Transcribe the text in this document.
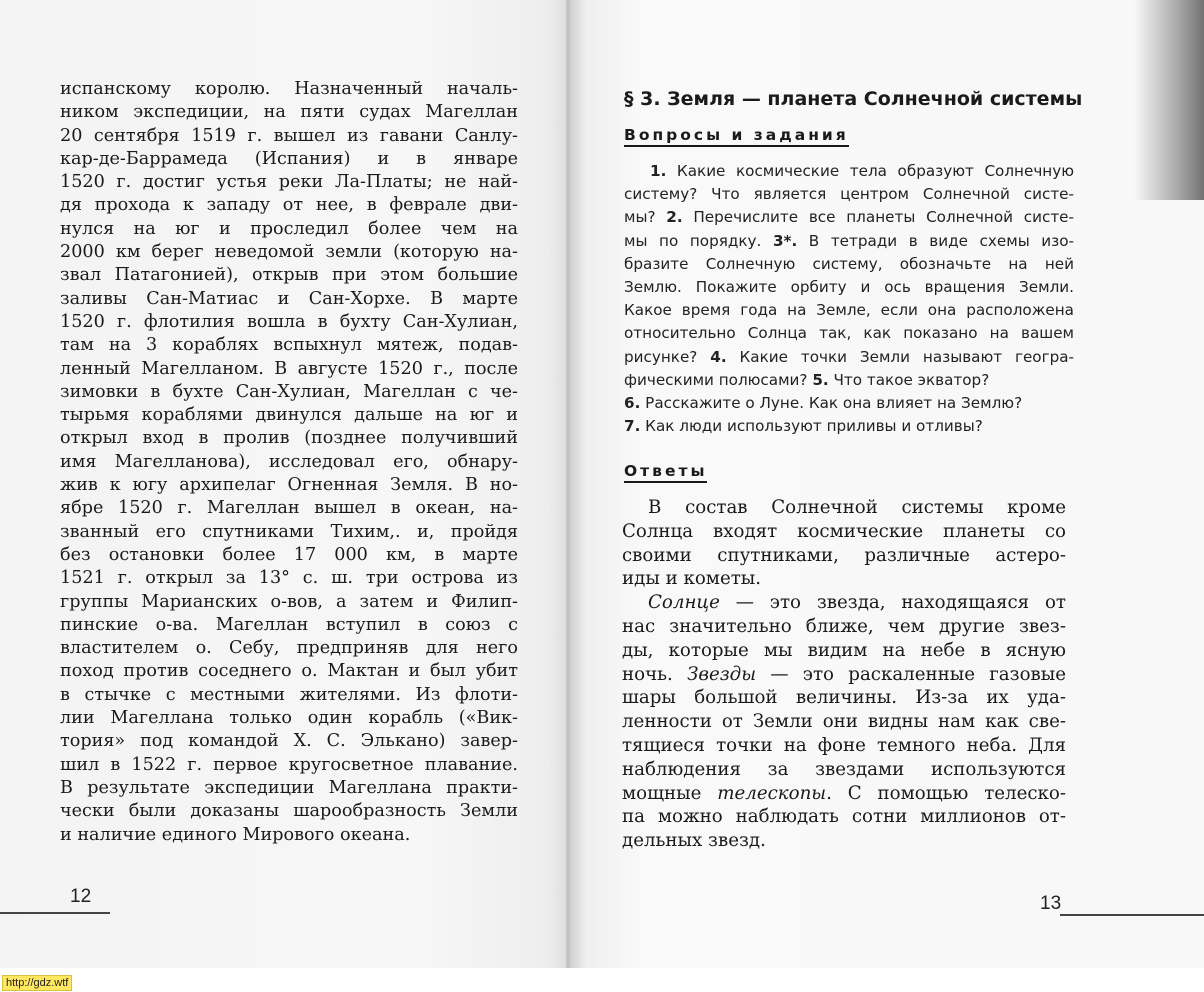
испанскому королю. Назначенный началь-
ником экспедиции, на пяти судах Магеллан
20 сентября 1519 г. вышел из гавани Санлу-
кар-де-Баррамеда (Испания) и в январе
1520 г. достиг устья реки Ла-Платы; не най-
дя прохода к западу от нее, в феврале дви-
нулся на юг и проследил более чем на
2000 км берег неведомой земли (которую на-
звал Патагонией), открыв при этом большие
заливы Сан-Матиас и Сан-Хорхе. В марте
1520 г. флотилия вошла в бухту Сан-Хулиан,
там на 3 кораблях вспыхнул мятеж, подав-
ленный Магелланом. В августе 1520 г., после
зимовки в бухте Сан-Хулиан, Магеллан с че-
тырьмя кораблями двинулся дальше на юг и
открыл вход в пролив (позднее получивший
имя Магелланова), исследовал его, обнару-
жив к югу архипелаг Огненная Земля. В но-
ябре 1520 г. Магеллан вышел в океан, на-
званный его спутниками Тихим,. и, пройдя
без остановки более 17 000 км, в марте
1521 г. открыл за 13° с. ш. три острова из
группы Марианских о-вов, а затем и Филип-
пинские о-ва. Магеллан вступил в союз с
властителем о. Себу, предприняв для него
поход против соседнего о. Мактан и был убит
в стычке с местными жителями. Из флоти-
лии Магеллана только один корабль («Вик-
тория» под командой Х. С. Элькано) завер-
шил в 1522 г. первое кругосветное плавание.
В результате экспедиции Магеллана практи-
чески были доказаны шарообразность Земли
и наличие единого Мирового океана.
12
§ 3. Земля — планета Солнечной системы
Вопросы и задания
1. Какие космические тела образуют Солнечную
систему? Что является центром Солнечной систе-
мы? 2. Перечислите все планеты Солнечной систе-
мы по порядку. 3*. В тетради в виде схемы изо-
бразите Солнечную систему, обозначьте на ней
Землю. Покажите орбиту и ось вращения Земли.
Какое время года на Земле, если она расположена
относительно Солнца так, как показано на вашем
рисунке? 4. Какие точки Земли называют геогра-
фическими полюсами? 5. Что такое экватор?
6. Расскажите о Луне. Как она влияет на Землю?
7. Как люди используют приливы и отливы?
Ответы
В состав Солнечной системы кроме
Солнца входят космические планеты со
своими спутниками, различные астеро-
иды и кометы.
Солнце — это звезда, находящаяся от
нас значительно ближе, чем другие звез-
ды, которые мы видим на небе в ясную
ночь. Звезды — это раскаленные газовые
шары большой величины. Из-за их уда-
ленности от Земли они видны нам как све-
тящиеся точки на фоне темного неба. Для
наблюдения за звездами используются
мощные телескопы. С помощью телеско-
па можно наблюдать сотни миллионов от-
дельных звезд.
13
http://gdz.wtf
